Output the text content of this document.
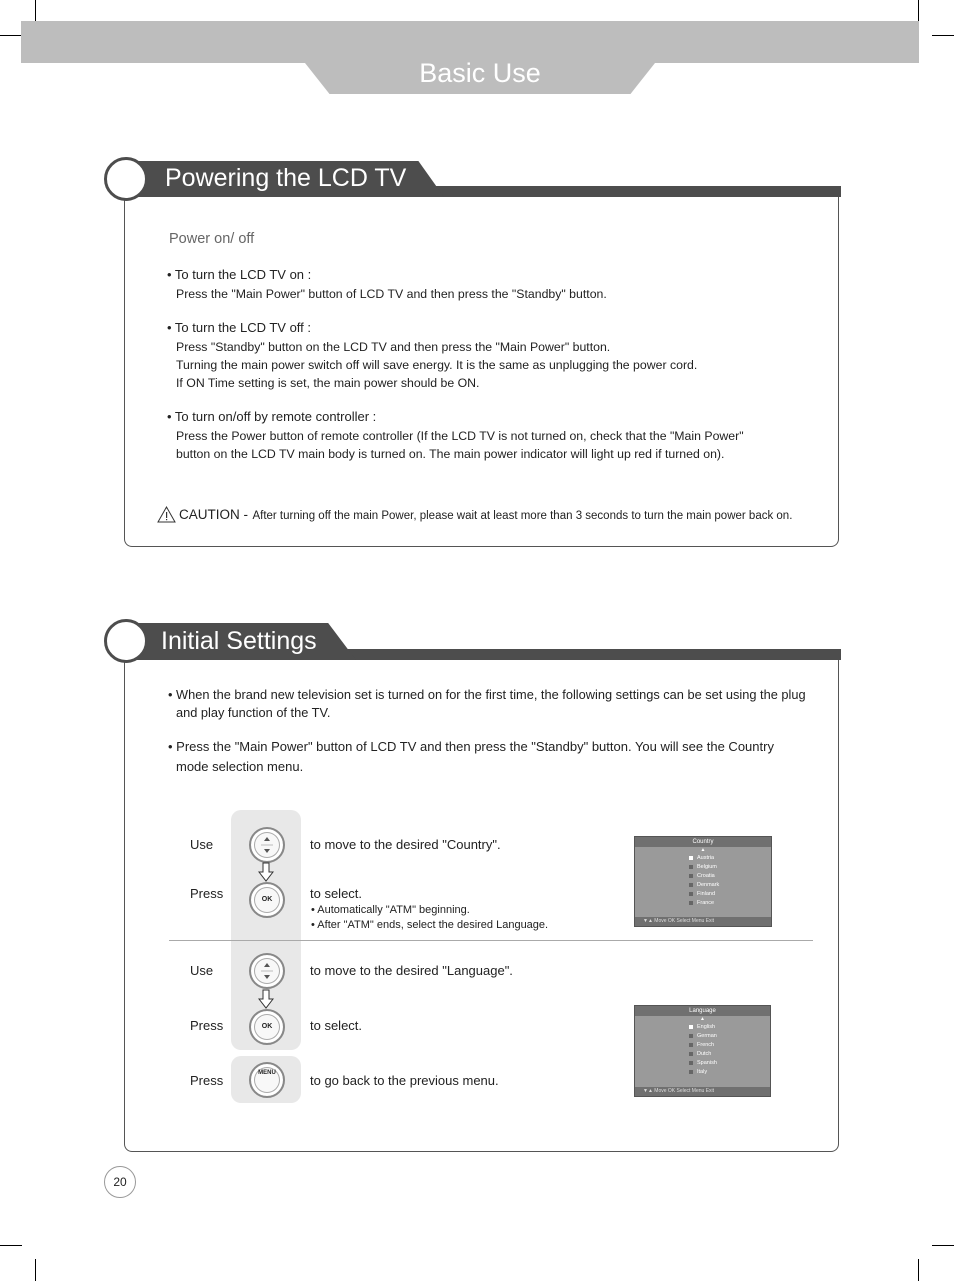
Basic Use
Powering the LCD TV
Power on/ off
• To turn the LCD TV on :
Press the "Main Power" button of LCD TV and then press the "Standby" button.
• To turn the LCD TV off :
Press "Standby" button on the LCD TV and then press the "Main Power" button.
Turning the main power switch off will save energy. It is the same as unplugging the power cord.
If ON Time setting is set, the main power should be ON.
• To turn on/off by remote controller :
Press the Power button of remote controller (If the LCD TV is not turned on, check that the "Main Power"
button on the LCD TV main body is turned on. The main power indicator will light up red if turned on).
CAUTION - After turning off the main Power, please wait at least more than 3 seconds to turn the main power back on.
Initial Settings
• When the brand new television set is turned on for the first time, the following settings can be set using the plug
and play function of the TV.
• Press the "Main Power" button of LCD TV and then press the "Standby" button. You will see the Country
mode selection menu.
OK
OK
MENU
Use	to move to the desired "Country".
Press	to select.
• Automatically "ATM" beginning.
• After "ATM" ends, select the desired Language.
Use	to move to the desired "Language".
Press	to select.
Press	to go back to the previous menu.
Country
▲
Austria
Belgium
Croatia
Denmark
Finland
France
▼▲ Move OK Select Menu Exit
Language
▲
English
German
French
Dutch
Spanish
Italy
▼▲ Move OK Select Menu Exit
20
